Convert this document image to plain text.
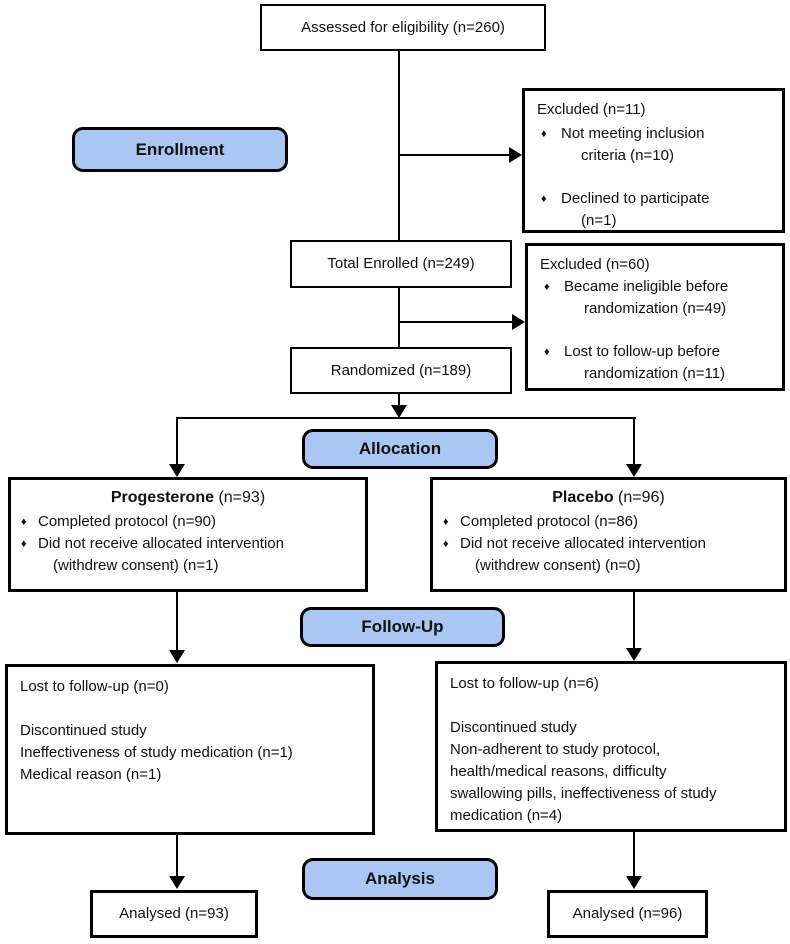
Assessed for eligibility (n=260)
Enrollment
Excluded (n=11)
♦ Not meeting inclusion
criteria (n=10)
♦ Declined to participate
(n=1)
Total Enrolled (n=249)	Excluded (n=60)
♦ Became ineligible before
randomization (n=49)
♦ Lost to follow-up before
randomization (n=11)
Randomized (n=189)
Allocation
Progesterone (n=93)
♦ Completed protocol (n=90)
♦ Did not receive allocated intervention
(withdrew consent) (n=1)
Placebo (n=96)
♦ Completed protocol (n=86)
♦ Did not receive allocated intervention
(withdrew consent) (n=0)
Follow-Up
Lost to follow-up (n=0)
Discontinued study
Ineffectiveness of study medication (n=1)
Medical reason (n=1)
Lost to follow-up (n=6)
Discontinued study
Non-adherent to study protocol,
health/medical reasons, difficulty
swallowing pills, ineffectiveness of study
medication (n=4)
Analysis
Analysed (n=93)	Analysed (n=96)
